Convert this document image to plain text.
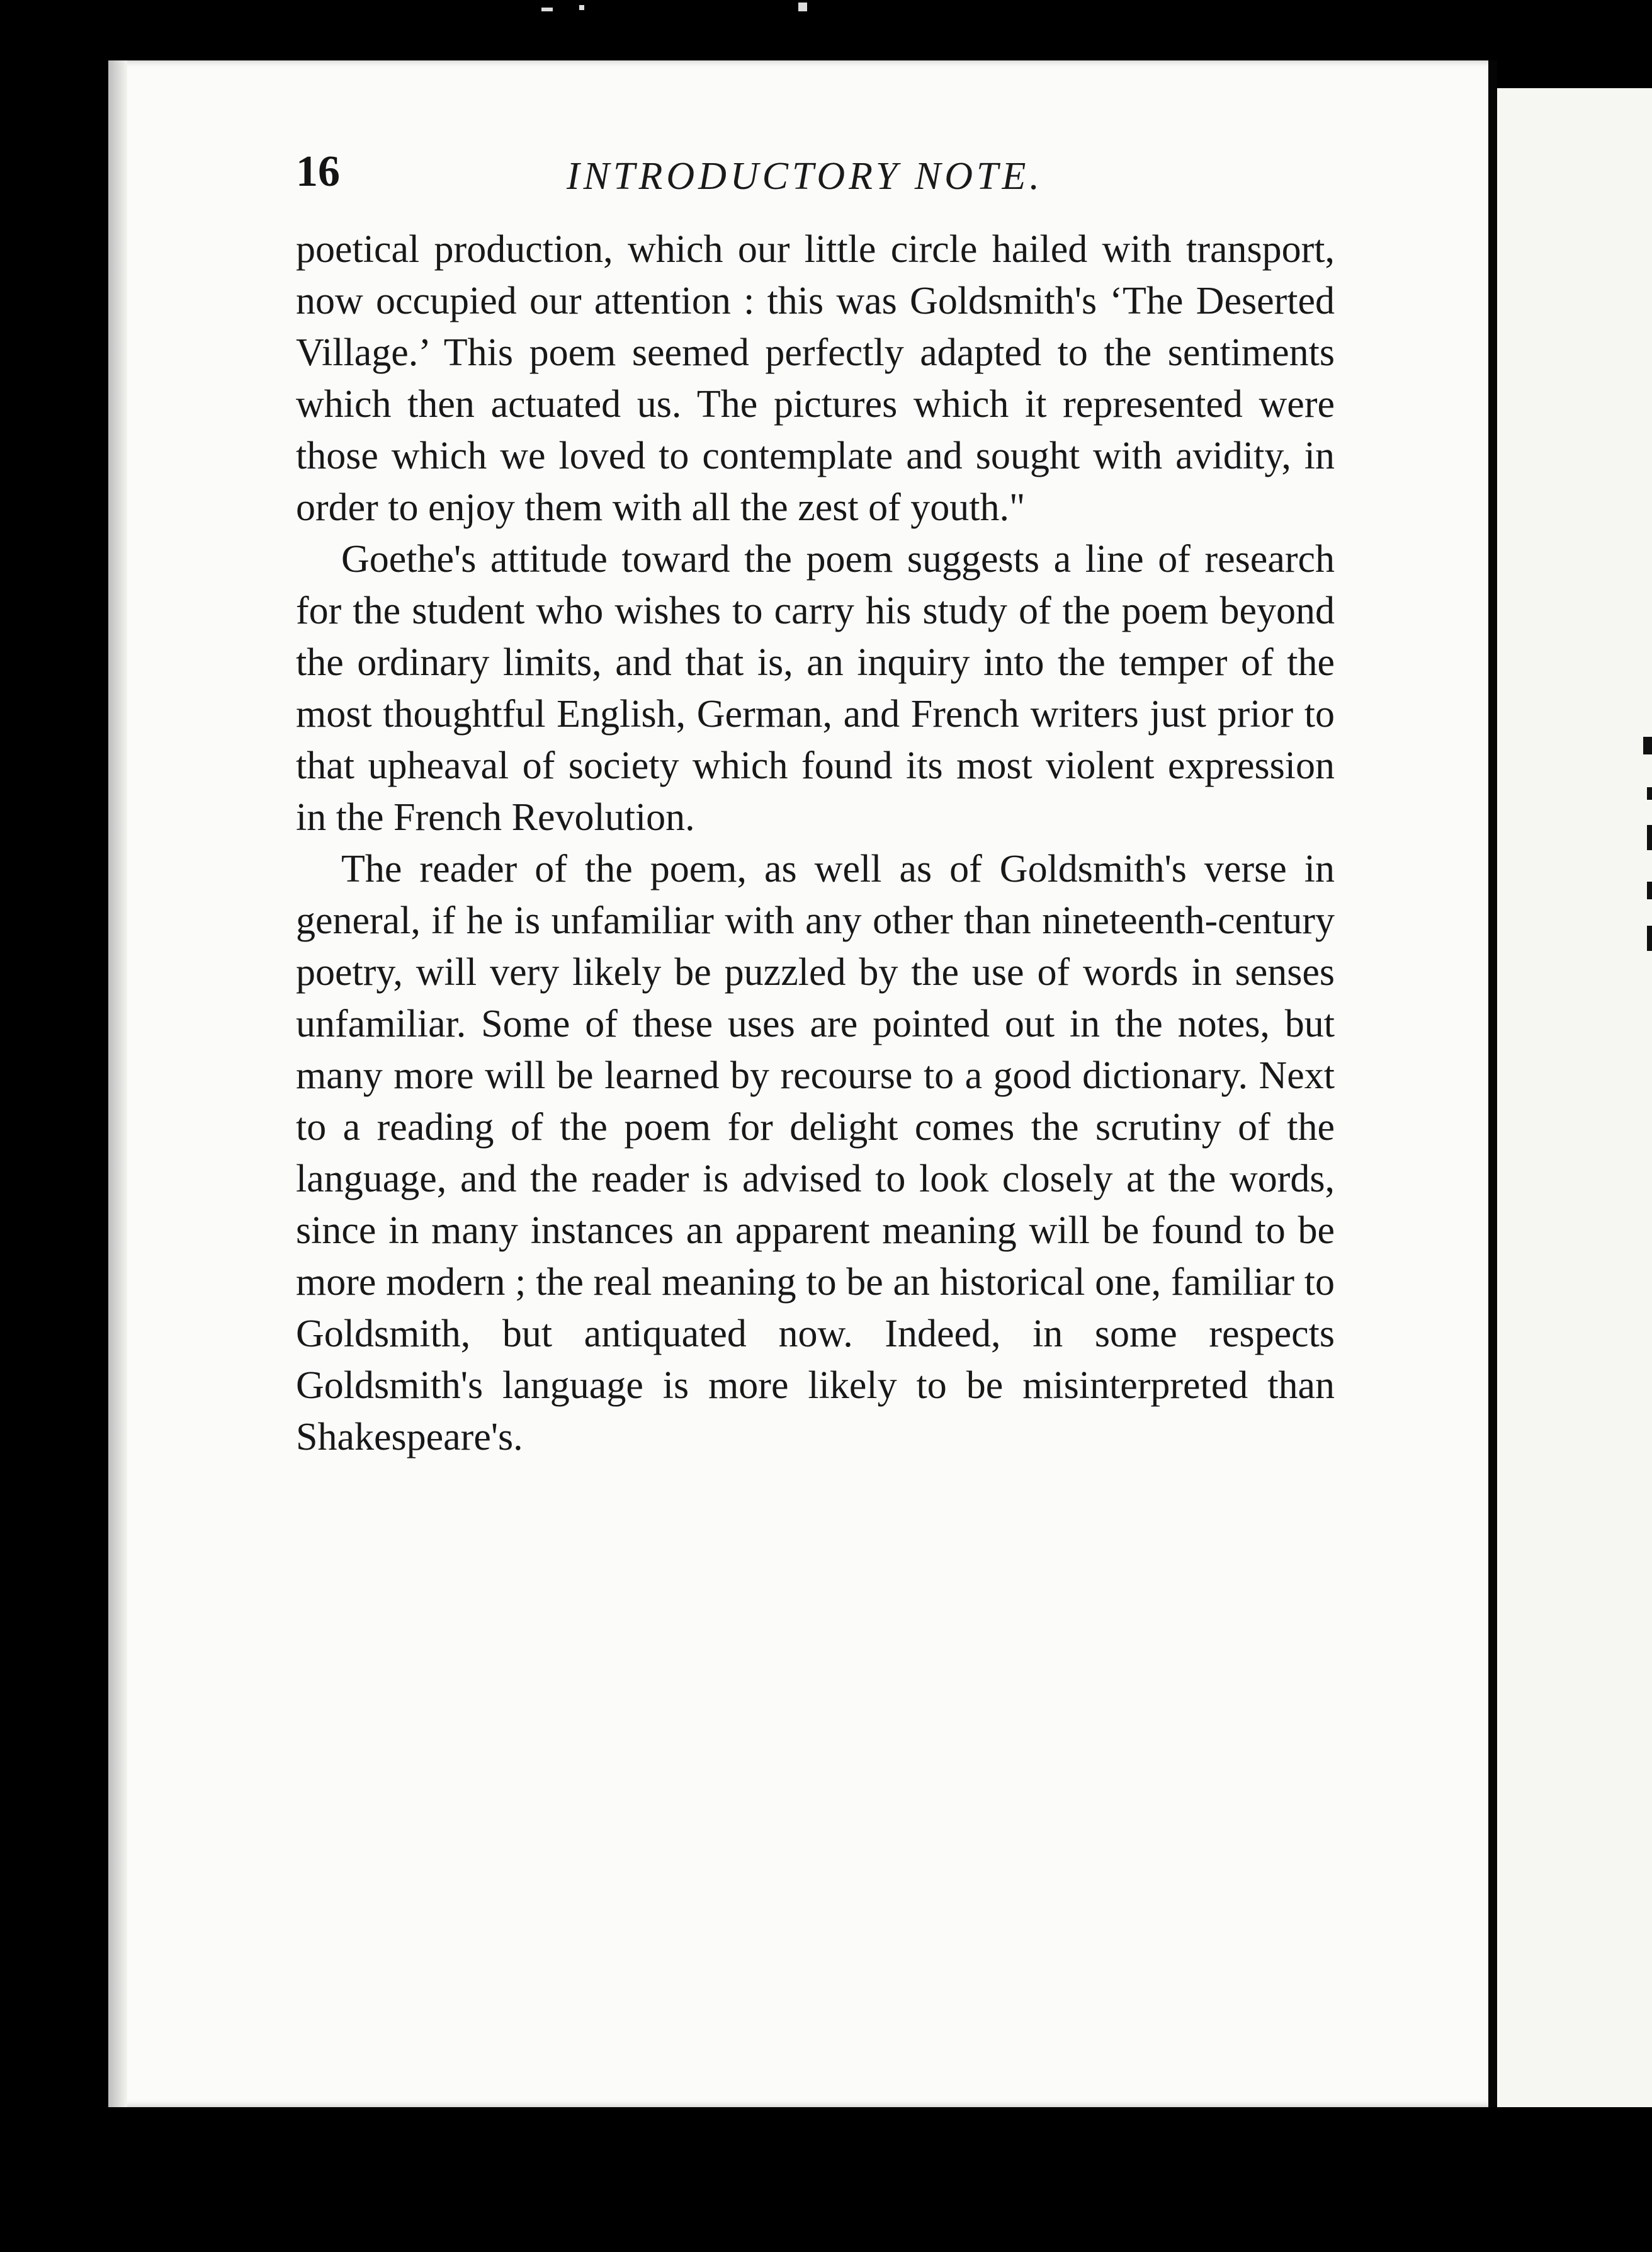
16	INTRODUCTORY NOTE.

poetical production, which our little circle hailed with transport, now occupied our attention : this was Goldsmith's ‘The Deserted Village.’ This poem seemed perfectly adapted to the sentiments which then actuated us. The pictures which it represented were those which we loved to contemplate and sought with avidity, in order to enjoy them with all the zest of youth."

Goethe's attitude toward the poem suggests a line of research for the student who wishes to carry his study of the poem beyond the ordinary limits, and that is, an inquiry into the temper of the most thoughtful English, German, and French writers just prior to that upheaval of society which found its most violent expression in the French Revolution.

The reader of the poem, as well as of Goldsmith's verse in general, if he is unfamiliar with any other than nineteenth-century poetry, will very likely be puzzled by the use of words in senses unfamiliar. Some of these uses are pointed out in the notes, but many more will be learned by recourse to a good dictionary. Next to a reading of the poem for delight comes the scrutiny of the language, and the reader is advised to look closely at the words, since in many instances an apparent meaning will be found to be more modern ; the real meaning to be an historical one, familiar to Goldsmith, but antiquated now. Indeed, in some respects Goldsmith's language is more likely to be misinterpreted than Shakespeare's.
